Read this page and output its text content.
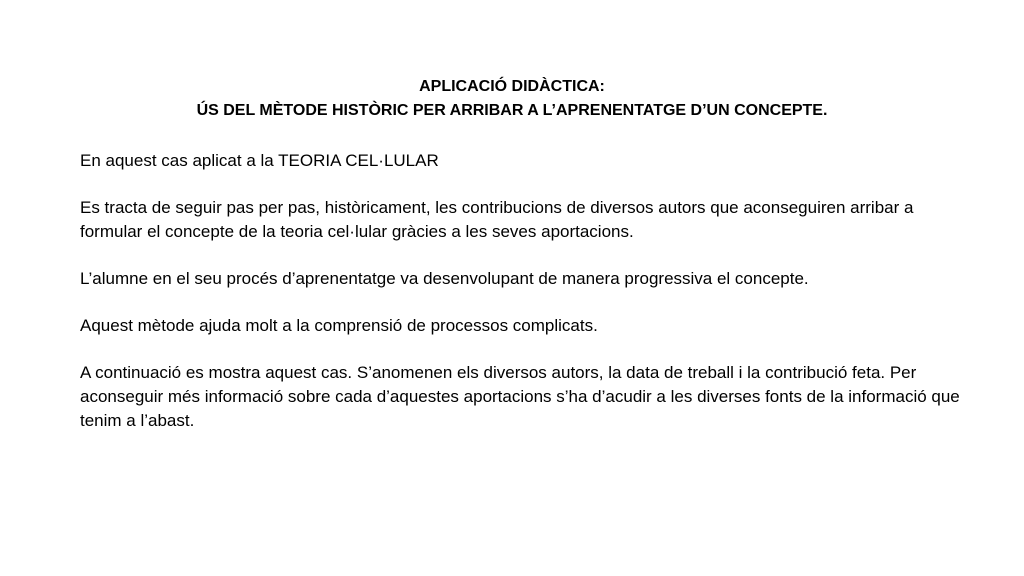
APLICACIÓ DIDÀCTICA:
ÚS DEL MÈTODE HISTÒRIC PER ARRIBAR A L’APRENENTATGE D’UN CONCEPTE.

En aquest cas aplicat a la TEORIA CEL·LULAR

Es tracta de seguir pas per pas, històricament, les contribucions de diversos autors que aconseguiren arribar a formular el concepte de la teoria cel·lular gràcies a les seves aportacions.

L’alumne en el seu procés d’aprenentatge va desenvolupant de manera progressiva el concepte.

Aquest mètode ajuda molt a la comprensió de processos complicats.

A continuació es mostra aquest cas. S’anomenen els diversos autors, la data de treball i la contribució feta. Per aconseguir més informació sobre cada d’aquestes aportacions s’ha d’acudir a les diverses fonts de la informació que tenim a l’abast.
